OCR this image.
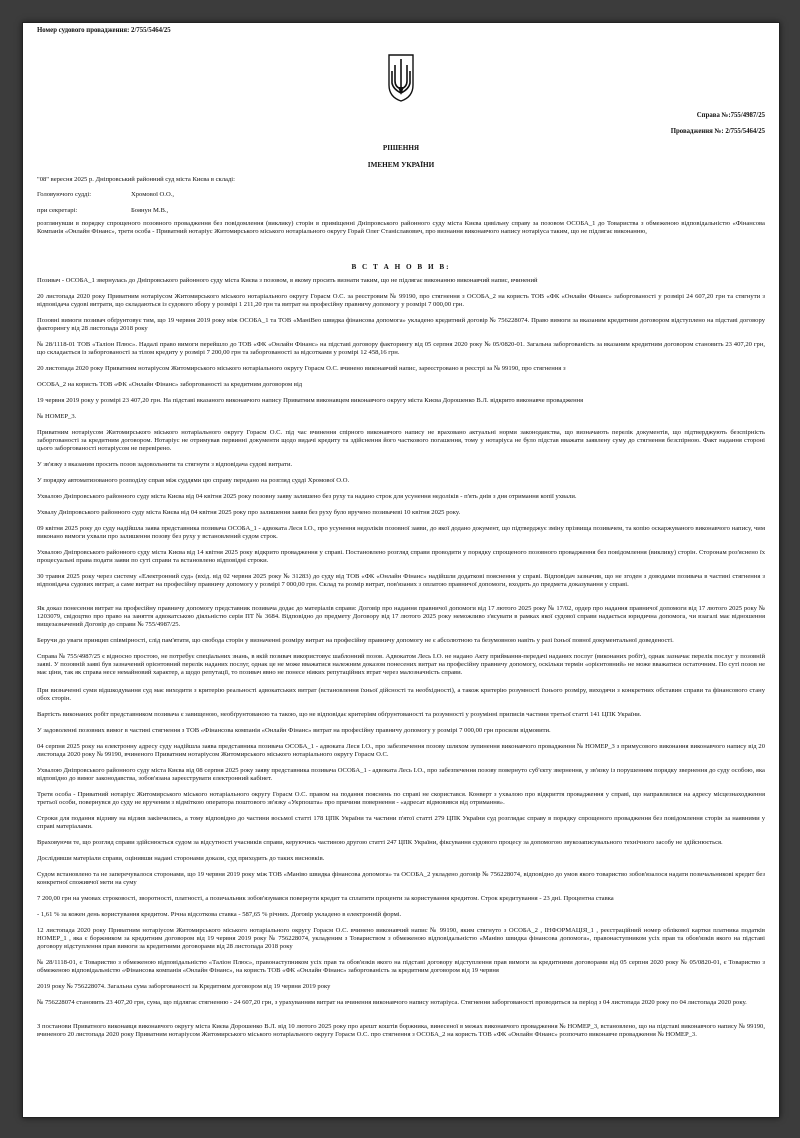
Номер судового провадження: 2/755/5464/25
Справа №:755/4987/25
Провадження №: 2/755/5464/25
РІШЕННЯ
ІМЕНЕМ УКРАЇНИ
"08" вересня 2025 р. Дніпровський районний суд міста Києва в складі:
Головуючого судді:	Хромової О.О.,
при секретарі:	Боянун М.В.,
розглянувши в порядку спрощеного позовного провадження без повідомлення (виклику) сторін в приміщенні Дніпровського районного суду міста Києва цивільну справу за позовом ОСОБА_1 до Товариства з обмеженою відповідальністю «Фінансова Компанія «Онлайн Фінанс», третя особа - Приватний нотаріус Житомирського міського нотаріального округу Горай Олег Станіславович, про визнання виконавчого напису нотаріуса таким, що не підлягає виконанню,
В С Т А Н О В И В:
Позивач - ОСОБА_1 звернулась до Дніпровського районного суду міста Києва з позовом, в якому просить визнати таким, що не підлягає виконанню виконавчий напис, вчинений
20 листопада 2020 року Приватним нотаріусом Житомирського міського нотаріального округу Горасм О.С. за реєстровим № 99190, про стягнення з ОСОБА_2 на користь ТОВ «ФК «Онлайн Фінанс» заборгованості у розмірі 24 607,20 грн та стягнути з відповідача судові витрати, що складаються із судового збору у розмірі 1 211,20 грн та витрат на професійну правничу допомогу у розмірі 7 000,00 грн.
Позовні вимоги позивач обґрунтовує тим, що 19 червня 2019 року між ОСОБА_1 та ТОВ «МаніВео швидка фінансова допомога» укладено кредитний договір № 756228074. Право вимоги за вказаним кредитним договором відступлено на підставі договору факторингу від 28 листопада 2018 року
№ 28/1118-01 ТОВ «Таліон Плюс». Надалі право вимоги перейшло до ТОВ «ФК «Онлайн Фінанс» на підставі договору факторингу від 05 серпня 2020 року № 05/0820-01. Загальна заборгованість за вказаним кредитним договором становить 23 407,20 грн, що складається із заборгованості за тілом кредиту у розмірі 7 200,00 грн та заборгованості за відсотками у розмірі 12 458,16 грн.
20 листопада 2020 року Приватним нотаріусом Житомирського міського нотаріального округу Горасм О.С. вчинено виконавчий напис, зареєстровано в реєстрі за № 99190, про стягнення з
ОСОБА_2 на користь ТОВ «ФК «Онлайн Фінанс» заборгованості за кредитним договором від
19 червня 2019 року у розмірі 23 407,20 грн. На підставі вказаного виконавчого напису Приватним виконавцем виконавчого округу міста Києва Дорошенко В.Л. відкрито виконавче провадження
№ НОМЕР_3.
Приватним нотаріусом Житомирського міського нотаріального округу Горасм О.С. під час вчинення спірного виконавчого напису не враховано актуальні норми законодавства, що визначають перелік документів, що підтверджують безспірність заборгованості за кредитним договором. Нотаріус не отримував первинні документи щодо видачі кредиту та здійснення його часткового погашення, тому у нотаріуса не було підстав вважати заявлену суму до стягнення безспірною. Факт надання стороні цього заборгованості нотаріусом не перевірено.
У зв'язку з вказаним просить позов задовольнити та стягнути з відповідача судові витрати.
У порядку автоматизованого розподілу справ між суддями цю справу передано на розгляд судді Хромової О.О.
Ухвалою Дніпровського районного суду міста Києва від 04 квітня 2025 року позовну заяву залишено без руху та надано строк для усунення недоліків - п'ять днів з дня отримання копії ухвали.
Ухвалу Дніпровського районного суду міста Києва від 04 квітня 2025 року про залишення заяви без руху було вручено позивачеві 10 квітня 2025 року.
09 квітня 2025 року до суду надійшла заява представника позивача ОСОБА_1 - адвоката Леся І.О., про усунення недоліків позовної заяви, до якої додано документ, що підтверджує зміну прізвища позивачем, та копію оскаржуваного виконавчого напису, чим виконано вимоги ухвали про залишення позову без руху у встановлений судом строк.
Ухвалою Дніпровського районного суду міста Києва від 14 квітня 2025 року відкрито провадження у справі. Постановлено розгляд справи проводити у порядку спрощеного позовного провадження без повідомлення (виклику) сторін. Сторонам роз'яснено їх процесуальні права подати заяви по суті справи та встановлено відповідні строки.
30 травня 2025 року через систему «Електронний суд» (вхід. від 02 червня 2025 року № 31283) до суду від ТОВ «ФК «Онлайн Фінанс» надійшли додаткові пояснення у справі. Відповідач зазначив, що не згоден з доводами позивача в частині стягнення з відповідача судових витрат, а саме витрат на професійну правничу допомогу у розмірі 7 000,00 грн. Склад та розмір витрат, пов'язаних з оплатою правничої допомоги, входить до предмета доказування у справі.
Як доказ понесення витрат на професійну правничу допомогу представник позивача додає до матеріалів справи: Договір про надання правничої допомоги від 17 лютого 2025 року № 17/02, ордер про надання правничої допомоги від 17 лютого 2025 року № 1203079, свідоцтво про право на заняття адвокатською діяльністю серія ПТ № 3684. Відповідно до предмету Договору від 17 лютого 2025 року неможливо з'ясувати в рамках якої судової справи надається юридична допомога, чи взагалі має відношення вищезазначений Договір до справи № 755/4987/25.
Беручи до уваги принцип співмірності, слід пам'ятати, що свобода сторін у визначенні розміру витрат на професійну правничу допомогу не є абсолютною та безумовною навіть у разі їхньої повної документальної доведеності.
Справа № 755/4987/25 є відносно простою, не потребує спеціальних знань, в якій позивач використовує шаблонний позов. Адвокатом Лесь І.О. не надано Акту приймання-передачі наданих послуг (виконаних робіт), однак зазначає перелік послуг у позовній заяві. У позовній заяві був зазначений орієнтовний перелік наданих послуг, однак це не може вважатися належним доказом понесених витрат на професійну правничу допомогу, оскільки термін «орієнтовний» не може вважатися остаточним. По суті позов не має ціни, так як справа несе немайновий характер, а щодо репутації, то позивач явно не понесе ніяких репутаційних втрат через малозначність справи.
При визначенні суми відшкодування суд має виходити з критерію реальності адвокатських витрат (встановлення їхньої дійсності та необхідності), а також критерію розумності їхнього розміру, виходячи з конкретних обставин справи та фінансового стану обох сторін.
Вартість виконаних робіт представником позивача є завищеною, необґрунтованою та такою, що не відповідає критеріям обґрунтованості та розумності у розумінні приписів частини третьої статті 141 ЦПК України.
У задоволенні позовних вимог в частині стягнення з ТОВ «Фінансова компанія «Онлайн Фінанс» витрат на професійну правничу допомогу у розмірі 7 000,00 грн просили відмовити.
04 серпня 2025 року на електронну адресу суду надійшла заява представника позивача ОСОБА_1 - адвоката Леся І.О., про забезпечення позову шляхом зупинення виконавчого провадження № НОМЕР_3 з примусового виконання виконавчого напису від 20 листопада 2020 року № 99190, вчиненого Приватним нотаріусом Житомирського міського нотаріального округу Горасм О.С.
Ухвалою Дніпровського районного суду міста Києва від 08 серпня 2025 року заяву представника позивача ОСОБА_1 - адвоката Лесь І.О., про забезпечення позову повернуто суб'єкту звернення, у зв'язку із порушенням порядку звернення до суду особою, яка відповідно до вимог законодавства, зобов'язана зареєструвати електронний кабінет.
Третя особа - Приватний нотаріус Житомирського міського нотаріального округу Горасм О.С. правом на подання пояснень по справі не скористався. Конверт з ухвалою про відкриття провадження у справі, що направлялися на адресу місцезнаходження третьої особи, повернувся до суду не врученим з відміткою оператора поштового зв'язку «Укрпошта» про причини повернення - «адресат відмовився від отримання».
Строки для подання відзиву на відзив закінчились, а тому відповідно до частини восьмої статті 178 ЦПК України та частини п'ятої статті 279 ЦПК України суд розглядає справу в порядку спрощеного провадження без повідомлення сторін за наявними у справі матеріалами.
Враховуючи те, що розгляд справи здійснюється судом за відсутності учасників справи, керуючись частиною другою статті 247 ЦПК України, фіксування судового процесу за допомогою звукозаписувального технічного засобу не здійснюється.
Дослідивши матеріали справи, оцінивши надані сторонами докази, суд приходить до таких висновків.
Судом встановлено та не заперечувалося сторонами, що 19 червня 2019 року між ТОВ «Маніво швидка фінансова допомога» та ОСОБА_2 укладено договір № 756228074, відповідно до умов якого товариство зобов'язалося надати позичальникові кредит без конкретної споживчої мети на суму
7 200,00 грн на умовах строковості, зворотності, платності, а позичальник зобов'язувався повернути кредит та сплатити проценти за користування кредитом. Строк кредитування - 23 дні. Процентна ставка
- 1,61 % за кожен день користування кредитом. Річна відсоткова ставка - 587,65 % річних. Договір укладено в електронній формі.
12 листопада 2020 року Приватним нотаріусом Житомирського міського нотаріального округу Горасм О.С. вчинено виконавчий напис № 99190, яким стягнуто з ОСОБА_2 , ІНФОРМАЦІЯ_1 , реєстраційний номер облікової картки платника податків НОМЕР_1 , яка є боржником за кредитним договором від 19 червня 2019 року № 756228074, укладеним з Товариством з обмеженою відповідальністю «Маніво швидка фінансова допомога», правонаступником усіх прав та обов'язків якого на підставі договору відступлення прав вимоги за кредитними договорами від 28 листопада 2018 року
№ 28/1118-01, є Товариство з обмеженою відповідальністю «Таліон Плюс», правонаступником усіх прав та обов'язків якого на підставі договору відступлення прав вимоги за кредитними договорами від 05 серпня 2020 року № 05/0820-01, є Товариство з обмеженою відповідальністю «Фінансова компанія «Онлайн Фінанс», на користь ТОВ «ФК «Онлайн Фінанс» заборгованість за кредитним договором від 19 червня
2019 року № 756228074. Загальна сума заборгованості за Кредитним договором від 19 червня 2019 року
№ 756228074 становить 23 407,20 грн, сума, що підлягає стягненню - 24 607,20 грн, з урахуванням витрат на вчинення виконавчого напису нотаріуса. Стягнення заборгованості проводиться за період з 04 листопада 2020 року по 04 листопада 2020 року.
З постанови Приватного виконавця виконавчого округу міста Києва Дорошенко В.Л. від 10 лютого 2025 року про арешт коштів боржника, винесеної в межах виконавчого провадження № НОМЕР_3, встановлено, що на підставі виконавчого напису № 99190, вчиненого 20 листопада 2020 року Приватним нотаріусом Житомирського міського нотаріального округу Горасм О.С. про стягнення з ОСОБА_2 на користь ТОВ «ФК «Онлайн Фінанс» розпочато виконавче провадження № НОМЕР_3.
